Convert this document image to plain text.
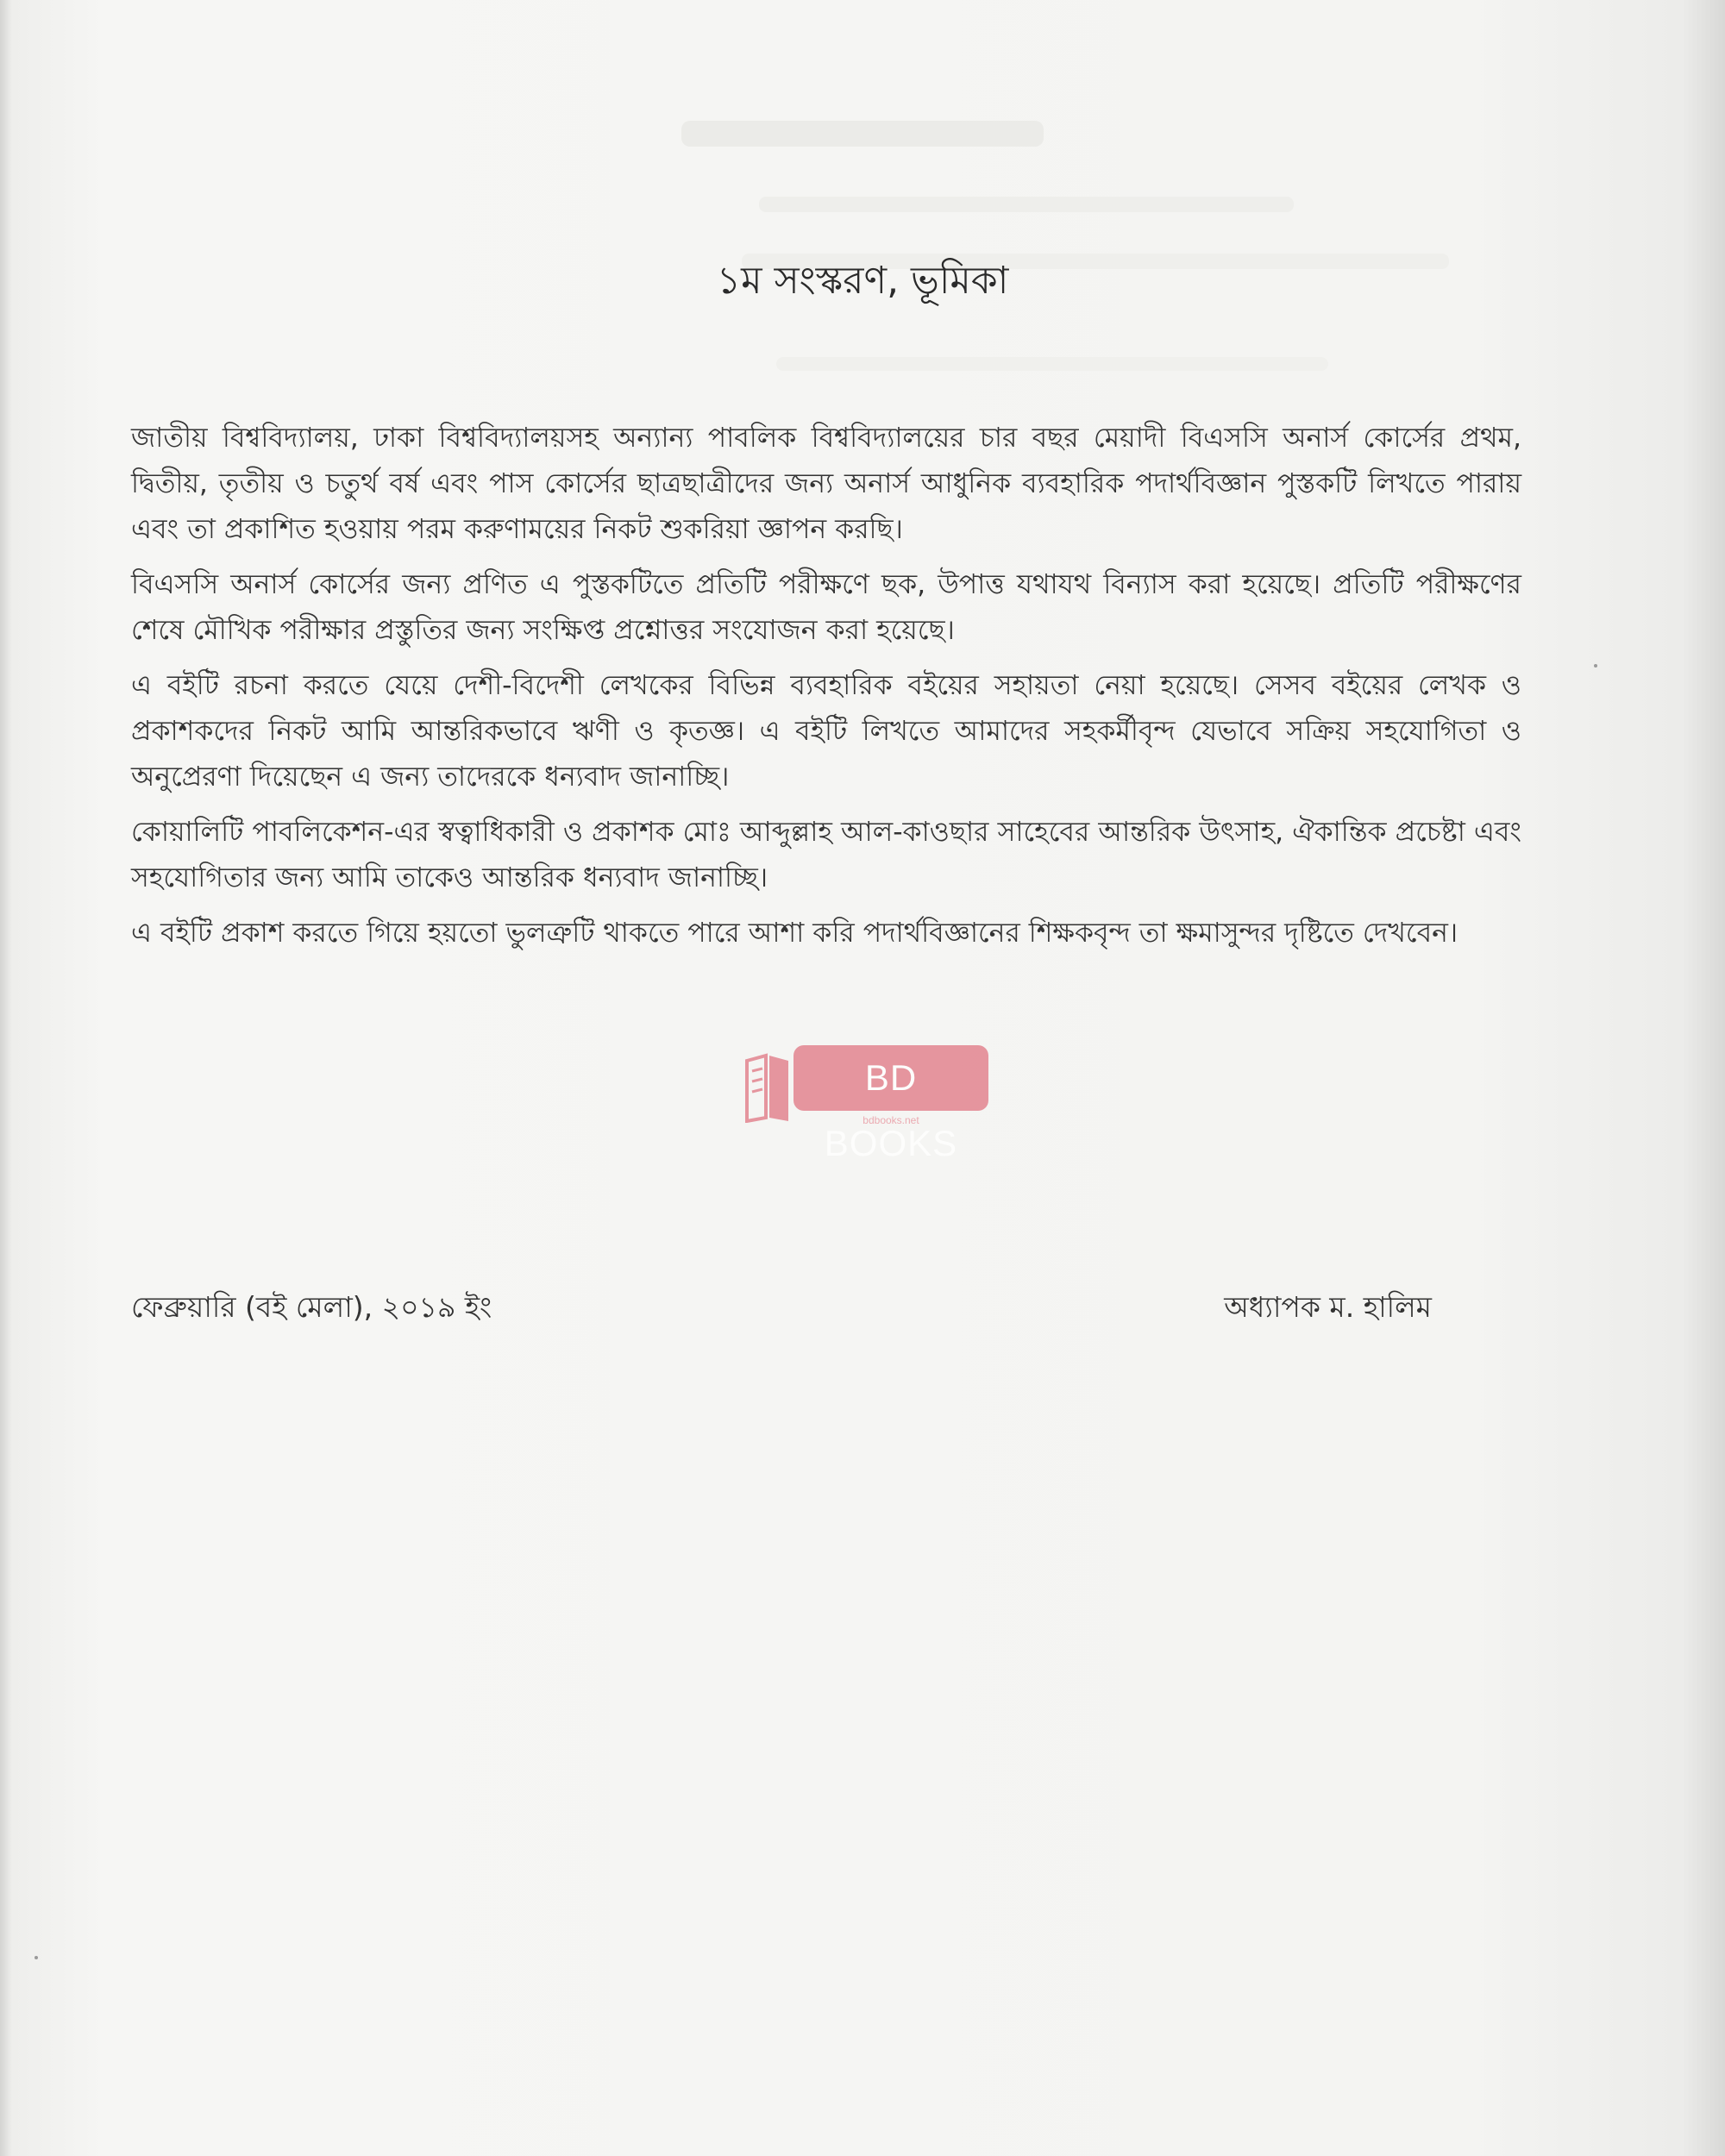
১ম সংস্করণ, ভূমিকা

জাতীয় বিশ্ববিদ্যালয়, ঢাকা বিশ্ববিদ্যালয়সহ অন্যান্য পাবলিক বিশ্ববিদ্যালয়ের চার বছর মেয়াদী বিএসসি অনার্স কোর্সের প্রথম, দ্বিতীয়, তৃতীয় ও চতুর্থ বর্ষ এবং পাস কোর্সের ছাত্রছাত্রীদের জন্য অনার্স আধুনিক ব্যবহারিক পদার্থবিজ্ঞান পুস্তকটি লিখতে পারায় এবং তা প্রকাশিত হওয়ায় পরম করুণাময়ের নিকট শুকরিয়া জ্ঞাপন করছি।

বিএসসি অনার্স কোর্সের জন্য প্রণিত এ পুস্তকটিতে প্রতিটি পরীক্ষণে ছক, উপাত্ত যথাযথ বিন্যাস করা হয়েছে। প্রতিটি পরীক্ষণের শেষে মৌখিক পরীক্ষার প্রস্তুতির জন্য সংক্ষিপ্ত প্রশ্নোত্তর সংযোজন করা হয়েছে।

এ বইটি রচনা করতে যেয়ে দেশী-বিদেশী লেখকের বিভিন্ন ব্যবহারিক বইয়ের সহায়তা নেয়া হয়েছে। সেসব বইয়ের লেখক ও প্রকাশকদের নিকট আমি আন্তরিকভাবে ঋণী ও কৃতজ্ঞ। এ বইটি লিখতে আমাদের সহকর্মীবৃন্দ যেভাবে সক্রিয় সহযোগিতা ও অনুপ্রেরণা দিয়েছেন এ জন্য তাদেরকে ধন্যবাদ জানাচ্ছি।

কোয়ালিটি পাবলিকেশন-এর স্বত্বাধিকারী ও প্রকাশক মোঃ আব্দুল্লাহ আল-কাওছার সাহেবের আন্তরিক উৎসাহ, ঐকান্তিক প্রচেষ্টা এবং সহযোগিতার জন্য আমি তাকেও আন্তরিক ধন্যবাদ জানাচ্ছি।

এ বইটি প্রকাশ করতে গিয়ে হয়তো ভুলত্রুটি থাকতে পারে আশা করি পদার্থবিজ্ঞানের শিক্ষকবৃন্দ তা ক্ষমাসুন্দর দৃষ্টিতে দেখবেন।

BD BOOKS
bdbooks.net
ফেব্রুয়ারি (বই মেলা), ২০১৯ ইং	অধ্যাপক ম. হালিম
